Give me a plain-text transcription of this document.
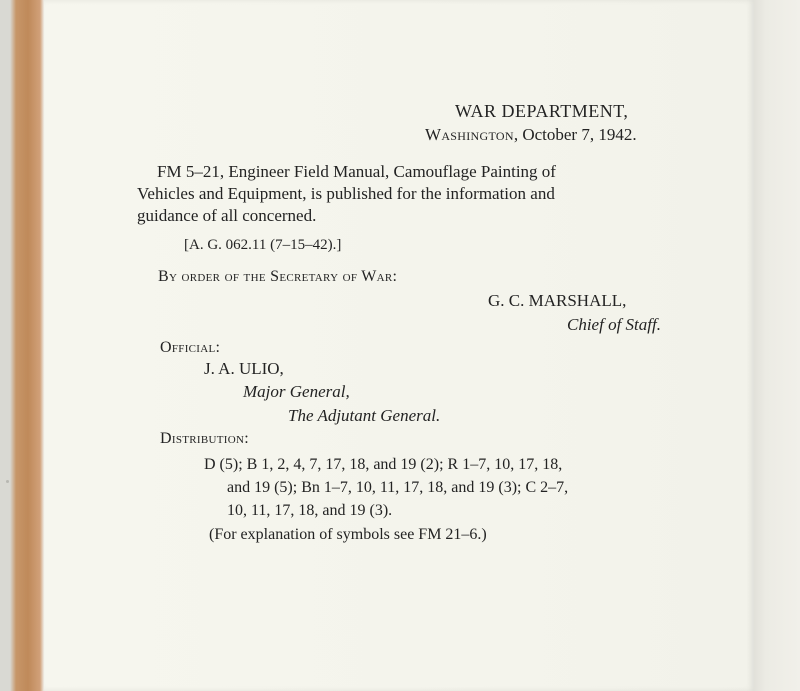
WAR DEPARTMENT,
Washington, October 7, 1942.
FM 5–21, Engineer Field Manual, Camouflage Painting of
Vehicles and Equipment, is published for the information and
guidance of all concerned.
[A. G. 062.11 (7–15–42).]
By order of the Secretary of War:
G. C. MARSHALL,
Chief of Staff.
Official:
J. A. ULIO,
Major General,
The Adjutant General.
Distribution:
D (5); B 1, 2, 4, 7, 17, 18, and 19 (2); R 1–7, 10, 17, 18,
and 19 (5); Bn 1–7, 10, 11, 17, 18, and 19 (3); C 2–7,
10, 11, 17, 18, and 19 (3).
(For explanation of symbols see FM 21–6.)
